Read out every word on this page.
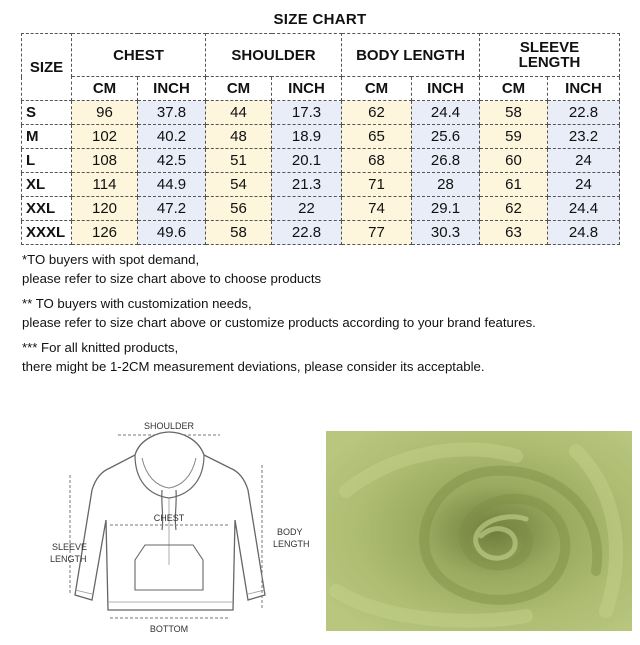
SIZE CHART
SIZE	CHEST		SHOULDER		BODY LENGTH		SLEEVE LENGTH	
	CM	INCH	CM	INCH	CM	INCH	CM	INCH
S	96	37.8	44	17.3	62	24.4	58	22.8
M	102	40.2	48	18.9	65	25.6	59	23.2
L	108	42.5	51	20.1	68	26.8	60	24
XL	114	44.9	54	21.3	71	28	61	24
XXL	120	47.2	56	22	74	29.1	62	24.4
XXXL	126	49.6	58	22.8	77	30.3	63	24.8

*TO buyers with spot demand,
please refer to size chart above to choose products

** TO buyers with customization needs,
please refer to size chart above or customize products according to your brand features.

*** For all knitted products,
there might be 1-2CM measurement deviations, please consider its acceptable.

SHOULDER
CHEST
BODY
LENGTH
SLEEVE
LENGTH
BOTTOM
